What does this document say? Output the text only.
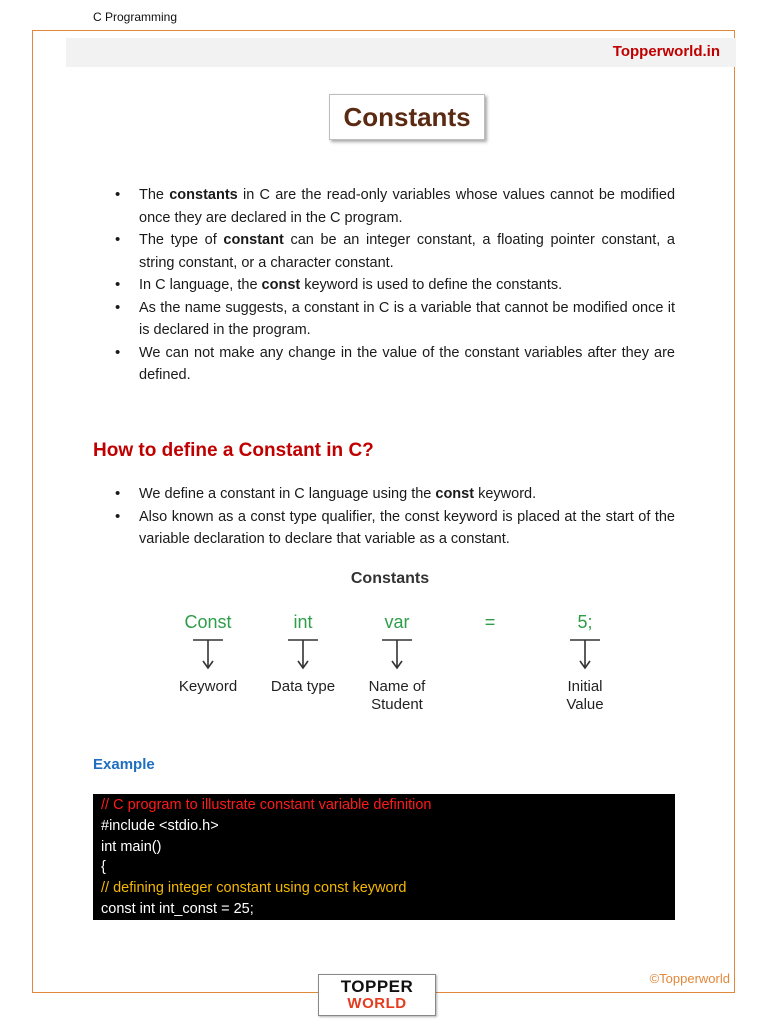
C Programming
Topperworld.in
Constants
• The constants in C are the read-only variables whose values cannot be modified once they are declared in the C program.
• The type of constant can be an integer constant, a floating pointer constant, a string constant, or a character constant.
• In C language, the const keyword is used to define the constants.
• As the name suggests, a constant in C is a variable that cannot be modified once it is declared in the program.
• We can not make any change in the value of the constant variables after they are defined.
How to define a Constant in C?
• We define a constant in C language using the const keyword.
• Also known as a const type qualifier, the const keyword is placed at the start of the variable declaration to declare that variable as a constant.
Constants
Const
Keyword
int
Data type
var
Name of
Student
=	5;
Initial
Value
Example
// C program to illustrate constant variable definition
#include <stdio.h>
int main()
{
// defining integer constant using const keyword
const int int_const = 25;
©Topperworld
TOPPER
WORLD
